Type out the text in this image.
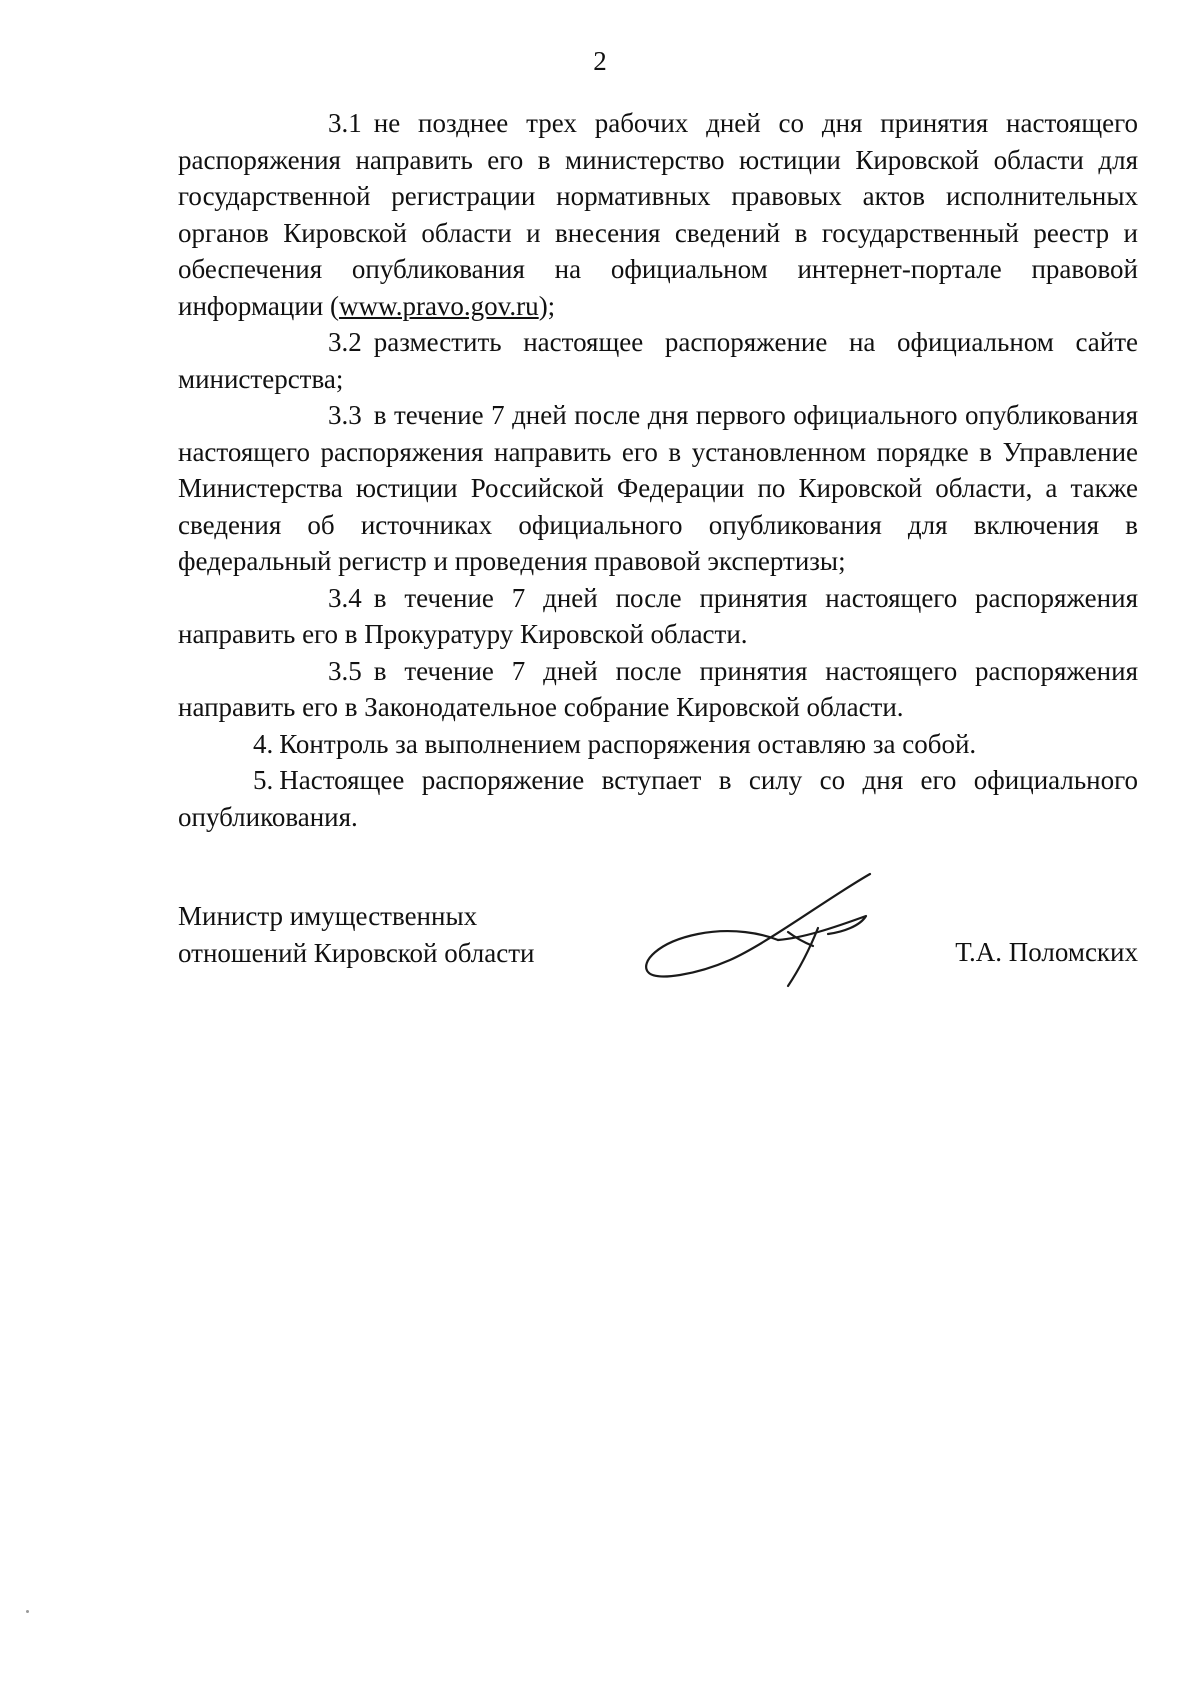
2

3.1 не позднее трех рабочих дней со дня принятия настоящего распоряжения направить его в министерство юстиции Кировской области для государственной регистрации нормативных правовых актов исполнительных органов Кировской области и внесения сведений в государственный реестр и обеспечения опубликования на официальном интернет-портале правовой информации (www.pravo.gov.ru);

3.2 разместить настоящее распоряжение на официальном сайте министерства;

3.3 в течение 7 дней после дня первого официального опубликования настоящего распоряжения направить его в установленном порядке в Управление Министерства юстиции Российской Федерации по Кировской области, а также сведения об источниках официального опубликования для включения в федеральный регистр и проведения правовой экспертизы;

3.4 в течение 7 дней после принятия настоящего распоряжения направить его в Прокуратуру Кировской области.

3.5 в течение 7 дней после принятия настоящего распоряжения направить его в Законодательное собрание Кировской области.

4. Контроль за выполнением распоряжения оставляю за собой.

5. Настоящее распоряжение вступает в силу со дня его официального опубликования.

Министр имущественных
отношений Кировской области	Т.А. Поломских
